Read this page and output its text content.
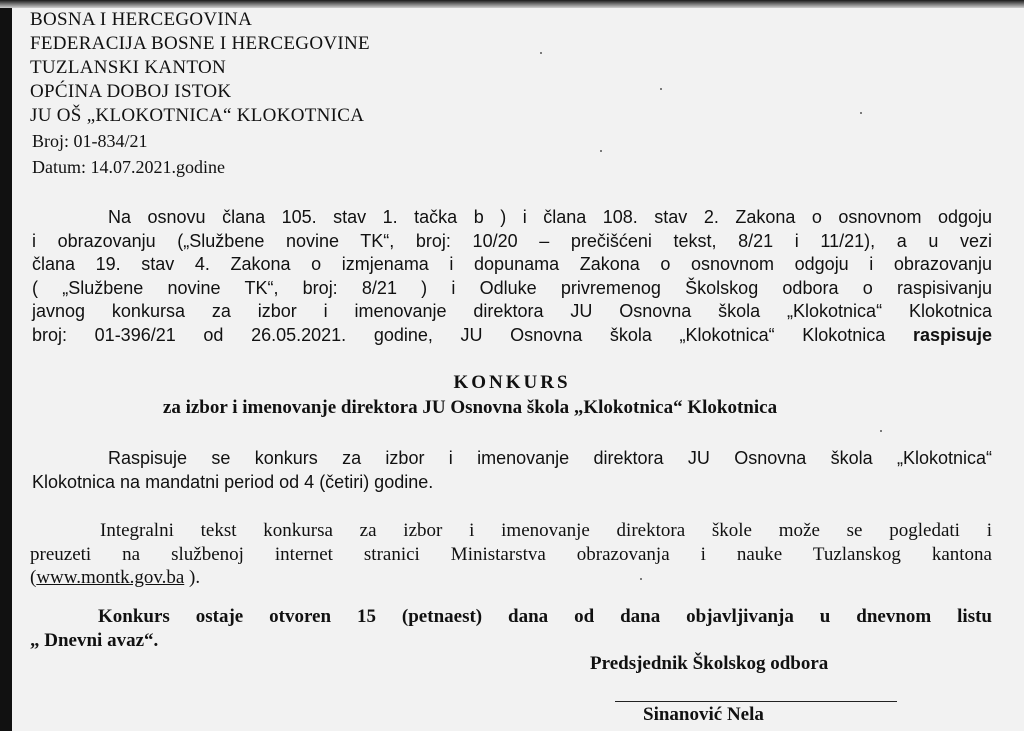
BOSNA I HERCEGOVINA
FEDERACIJA BOSNE I HERCEGOVINE
TUZLANSKI KANTON
OPĆINA DOBOJ ISTOK
JU OŠ „KLOKOTNICA“ KLOKOTNICA
Broj: 01-834/21
Datum: 14.07.2021.godine
Na osnovu člana 105. stav 1. tačka b ) i člana 108. stav 2. Zakona o osnovnom odgoju
i obrazovanju („Službene novine TK“, broj: 10/20 – prečišćeni tekst, 8/21 i 11/21), a u vezi
člana 19. stav 4. Zakona o izmjenama i dopunama Zakona o osnovnom odgoju i obrazovanju
( „Službene novine TK“, broj: 8/21 ) i Odluke privremenog Školskog odbora o raspisivanju
javnog konkursa za izbor i imenovanje direktora JU Osnovna škola „Klokotnica“ Klokotnica
broj: 01-396/21 od 26.05.2021. godine, JU Osnovna škola „Klokotnica“ Klokotnica raspisuje
KONKURS
za izbor i imenovanje direktora JU Osnovna škola „Klokotnica“ Klokotnica
Raspisuje se konkurs za izbor i imenovanje direktora JU Osnovna škola „Klokotnica“
Klokotnica na mandatni period od 4 (četiri) godine.
Integralni tekst konkursa za izbor i imenovanje direktora škole može se pogledati i
preuzeti na službenoj internet stranici Ministarstva obrazovanja i nauke Tuzlanskog kantona
(www.montk.gov.ba ).
Konkurs ostaje otvoren 15 (petnaest) dana od dana objavljivanja u dnevnom listu
„ Dnevni avaz“.
Predsjednik Školskog odbora
Sinanović Nela
